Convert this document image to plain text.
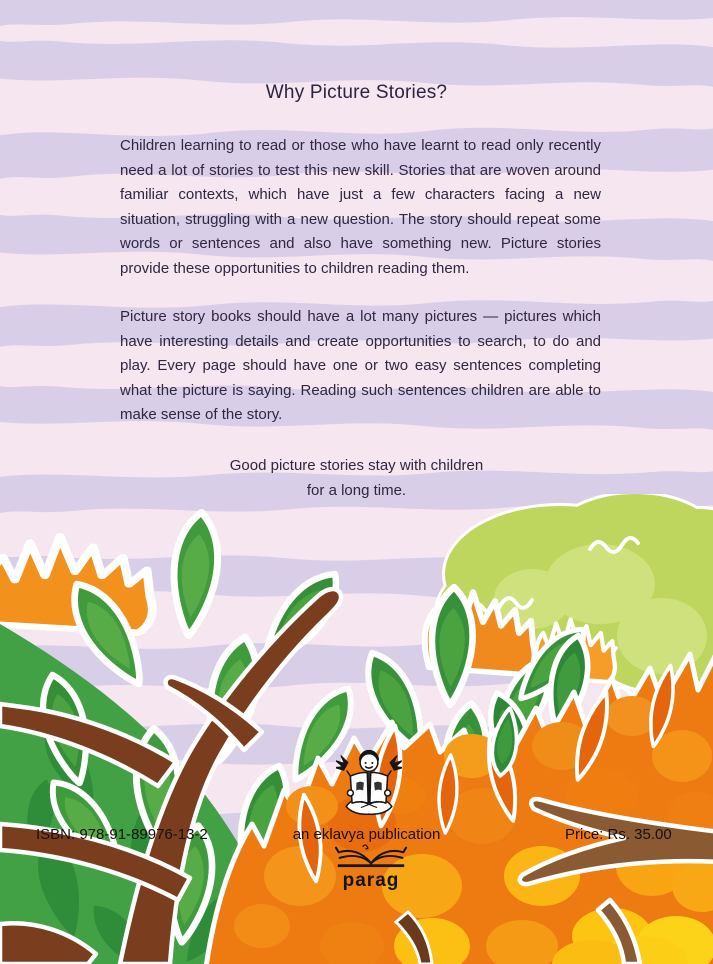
Why Picture Stories?

Children learning to read or those who have learnt to read only recently need a lot of stories to test this new skill. Stories that are woven around familiar contexts, which have just a few characters facing a new situation, struggling with a new question. The story should repeat some words or sentences and also have something new. Picture stories provide these opportunities to children reading them.

Picture story books should have a lot many pictures — pictures which have interesting details and create opportunities to search, to do and play. Every page should have one or two easy sentences completing what the picture is saying. Reading such sentences children are able to make sense of the story.

Good picture stories stay with children
for a long time.
ISBN: 978-91-89976-13-2	an eklavya publication	Price: Rs. 35.00
parag
